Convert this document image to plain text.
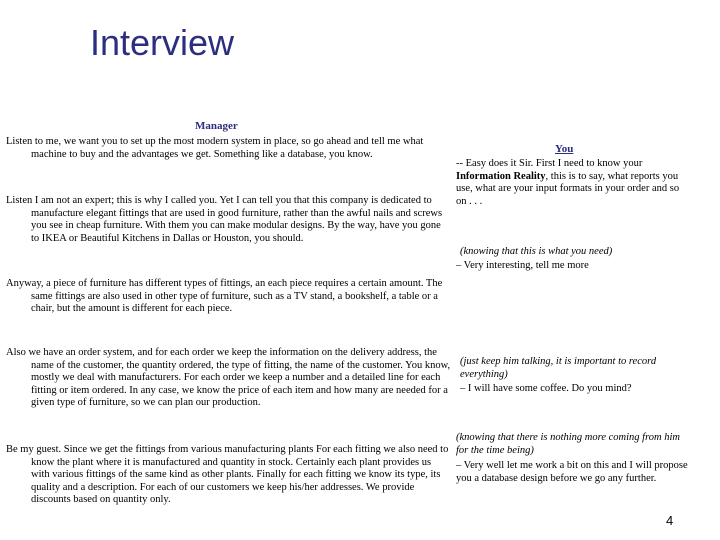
Interview
Manager

Listen to me, we want you to set up the most modern system in place, so go ahead and tell me what machine to buy and the advantages we get. Something like a database, you know.

Listen I am not an expert; this is why I called you. Yet I can tell you that this company is dedicated to manufacture elegant fittings that are used in good furniture, rather than the awful nails and screws you see in cheap furniture. With them you can make modular designs. By the way, have you gone to IKEA or Beautiful Kitchens in Dallas or Houston, you should.

Anyway, a piece of furniture has different types of fittings, an each piece requires a certain amount. The same fittings are also used in other type of furniture, such as a TV stand, a bookshelf, a table or a chair, but the amount is different for each piece.

Also we have an order system, and for each order we keep the information on the delivery address, the name of the customer, the quantity ordered, the type of fitting, the name of the customer. You know, mostly we deal with manufacturers. For each order we keep a number and a detailed line for each fitting or item ordered. In any case, we know the price of each item and how many are needed for a given type of furniture, so we can plan our production.

Be my guest. Since we get the fittings from various manufacturing plants For each fitting we also need to know the plant where it is manufactured and quantity in stock. Certainly each plant provides us with various fittings of the same kind as other plants. Finally for each fitting we know its type, its quality and a description. For each of our customers we keep his/her addresses. We provide discounts based on quantity only.

You

-- Easy does it Sir. First I need to know your Information Reality, this is to say, what reports you use, what are your input formats in your order and so on . . .

(knowing that this is what you need)

– Very interesting, tell me more

(just keep him talking, it is important to record everything)

– I will have some coffee. Do you mind?

(knowing that there is nothing more coming from him for the time being)

– Very well let me work a bit on this and I will propose you a database design before we go any further.

4
